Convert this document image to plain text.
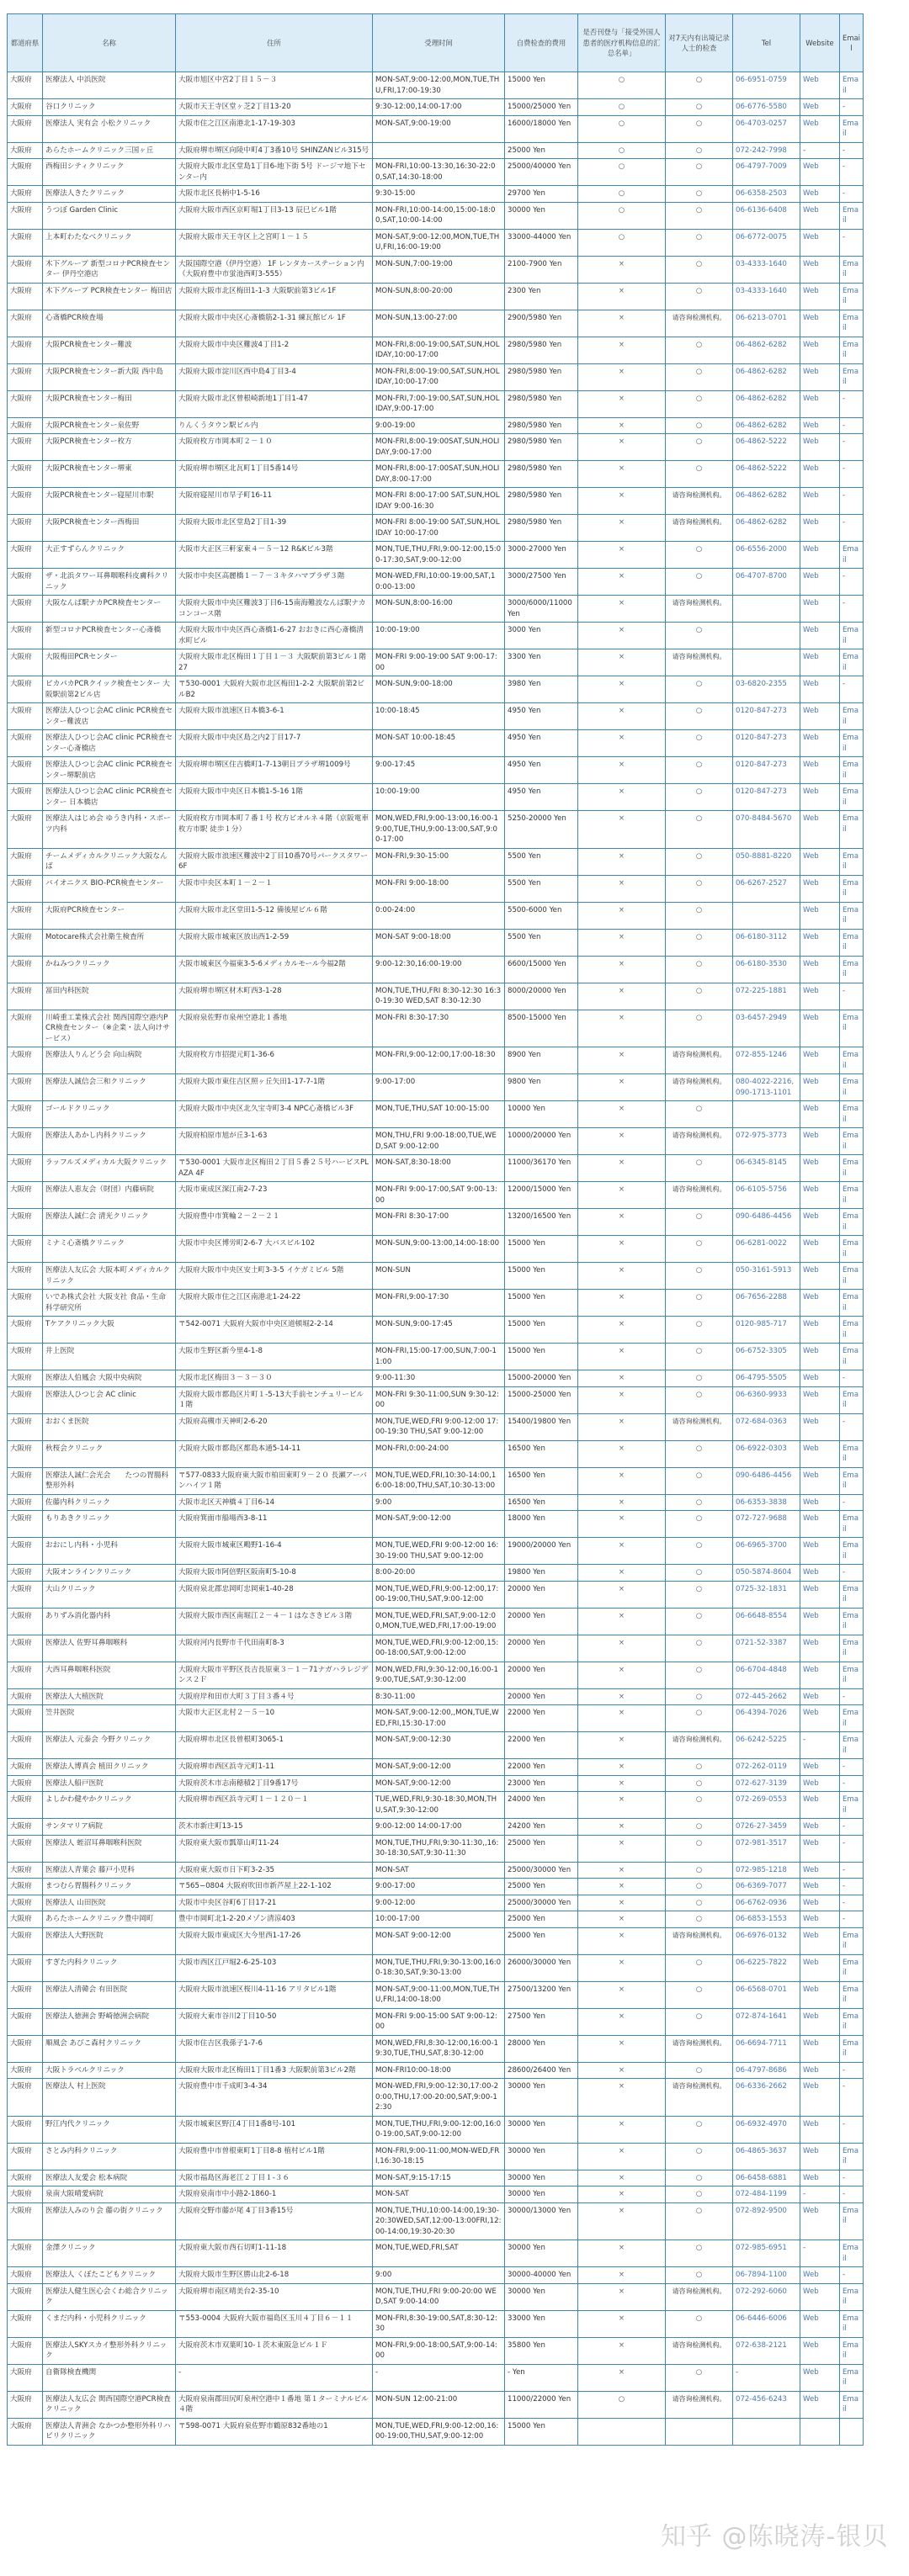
都道府県	名称	住所	受理时间	自费检查的费用	是否刊登与「接受外国人患者的医疗机构信息的汇总名单」	对7天内有出境记录人士的检查	Tel	Website	Email
大阪府	医療法人 中浜医院	大阪市旭区中宮2丁目１５－３	MON-SAT,9:00-12:00,MON,TUE,THU,FRI,17:00-19:30	15000 Yen	○	○	06-6951-0759	Web	Email
大阪府	谷口クリニック	大阪市天王寺区堂ヶ芝2丁目13-20	9:30-12:00,14:00-17:00	15000/25000 Yen	○	○	06-6776-5580	Web	-
大阪府	医療法人 実有会 小松クリニック	大阪市住之江区南港北1-17-19-303	MON-SAT,9:00-19:00	16000/18000 Yen	○	○	06-4703-0257	Web	Email
大阪府	あらたホームクリニック三国ヶ丘	大阪府堺市堺区向陵中町4丁3番10号 SHINZANビル315号		25000 Yen	○	○	072-242-7998	-	-
大阪府	西梅田シティクリニック	大阪府大阪市北区堂島1丁目6-地下街 5号 ドージマ地下センター内	MON-FRI,10:00-13:30,16:30-22:00,SAT,14:30-18:00	25000/40000 Yen	○	○	06-4797-7009	Web	-
大阪府	医療法人きたクリニック	大阪市北区長柄中1-5-16	9:30-15:00	29700 Yen	○	○	06-6358-2503	Web	-
大阪府	うつぼ Garden Clinic	大阪府大阪市西区京町堀1丁目3-13 辰巳ビル1階	MON-FRI,10:00-14:00,15:00-18:00,SAT,10:00-14:00	30000 Yen	○	○	06-6136-6408	Web	Email
大阪府	上本町わたなべクリニック	大阪府大阪市天王寺区上之宮町１－１５	MON-SAT,9:00-12:00,MON,TUE,THU,FRI,16:00-19:00	33000-44000 Yen	○	○	06-6772-0075	Web	-
大阪府	木下グループ 新型コロナPCR検査センター 伊丹空港店	大阪国際空港（伊丹空港） 1F レンタカーステーション内（大阪府豊中市蛍池西町3-555）	MON-SUN,7:00-19:00	2100-7900 Yen	×	○	03-4333-1640	Web	Email
大阪府	木下グループ PCR検査センター 梅田店	大阪府大阪市北区梅田1-1-3 大阪駅前第3ビル1F	MON-SUN,8:00-20:00	2300 Yen	×	○	03-4333-1640	Web	Email
大阪府	心斎橋PCR検査場	大阪府大阪市中央区心斎橋筋2-1-31 練瓦館ビル 1F	MON-SUN,13:00-27:00	2900/5980 Yen	×	请咨询检测机构。	06-6213-0701	Web	Email
大阪府	大阪PCR検査センター難波	大阪府大阪市中央区難波4丁目1-2	MON-FRI,8:00-19:00,SAT,SUN,HOLIDAY,10:00-17:00	2980/5980 Yen	×	○	06-4862-6282	Web	Email
大阪府	大阪PCR検査センター新大阪 西中島	大阪府大阪市淀川区西中島4丁目3-4	MON-FRI,8:00-19:00,SAT,SUN,HOLIDAY,10:00-17:00	2980/5980 Yen	×	○	06-4862-6282	Web	Email
大阪府	大阪PCR検査センター梅田	大阪府大阪市北区曾根崎新地1丁目1-47	MON-FRI,7:00-19:00,SAT,SUN,HOLIDAY,9:00-17:00	2980/5980 Yen	×	○	06-4862-6282	Web	-
大阪府	大阪PCR検査センター泉佐野	りんくうタウン駅ビル内	9:00-19:00	2980/5980 Yen	×	○	06-4862-6282	Web	-
大阪府	大阪PCR検査センター枚方	大阪府枚方市岡本町２－１０	MON-FRI,8:00-19:00SAT,SUN,HOLIDAY,9:00-17:00	2980/5980 Yen	×	○	06-4862-5222	Web	-
大阪府	大阪PCR検査センター堺東	大阪府堺市堺区北瓦町1丁目5番14号	MON-FRI,8:00-17:00SAT,SUN,HOLIDAY,8:00-17:00	2980/5980 Yen	×	○	06-4862-5222	Web	-
大阪府	大阪PCR検査センター寝屋川市駅	大阪府寝屋川市早子町16-11	MON-FRI 8:00-17:00 SAT,SUN,HOLIDAY 9:00-16:30	2980/5980 Yen	×	请咨询检测机构。	06-4862-6282	Web	-
大阪府	大阪PCR検査センター西梅田	大阪府大阪市北区堂島2丁目1-39	MON-FRI 8:00-19:00 SAT,SUN,HOLIDAY 10:00-17:00	2980/5980 Yen	×	请咨询检测机构。	06-4862-6282	Web	-
大阪府	大正すずらんクリニック	大阪市大正区三軒家東４－５－12 R&Kビル3階	MON,TUE,THU,FRI,9:00-12:00,15:00-17:30,SAT,9:00-12:00	3000-27000 Yen	×	○	06-6556-2000	Web	Email
大阪府	ザ・北浜タワー耳鼻咽喉科皮膚科クリニック	大阪市中央区高麗橋１－７－３キタハマプラザ３階	MON-WED,FRI,10:00-19:00,SAT,10:00-13:00	3000/27500 Yen	×	○	06-4707-8700	Web	-
大阪府	大阪なんば駅ナカPCR検査センター	大阪府大阪市中央区難波3丁目6-15南海難波なんば駅ナカコンコース階	MON-SUN,8:00-16:00	3000/6000/11000 Yen	×	请咨询检测机构。		Web	-
大阪府	新型コロナPCR検査センター心斎橋	大阪府大阪市中央区西心斎橋1-6-27 おおきに西心斎橋清水町ビル	10:00-19:00	3000 Yen	×	○		Web	Email
大阪府	大阪梅田PCRセンター	大阪府大阪市北区梅田１丁目１－３ 大阪駅前第3ビル１階 27	MON-FRI 9:00-19:00 SAT 9:00-17:00	3300 Yen	×	请咨询检测机构。		Web	Email
大阪府	ピカパカPCRクイック検査センター 大阪駅前第2ビル店	〒530-0001 大阪府大阪市北区梅田1-2-2 大阪駅前第2ビルB2	MON-SUN,9:00-18:00	3980 Yen	×	○	03-6820-2355	Web	-
大阪府	医療法人ひつじ会AC clinic PCR検査センター難波店	大阪府大阪市浪速区日本橋3-6-1	10:00-18:45	4950 Yen	×	○	0120-847-273	Web	Email
大阪府	医療法人ひつじ会AC clinic PCR検査センター心斎橋店	大阪府大阪市中央区島之内2丁目17-7	MON-SAT 10:00-18:45	4950 Yen	×	○	0120-847-273	Web	Email
大阪府	医療法人ひつじ会AC clinic PCR検査センター堺駅前店	大阪府堺市堺区住吉橋町1-7-13朝日プラザ堺1009号	9:00-17:45	4950 Yen	×	○	0120-847-273	Web	Email
大阪府	医療法人ひつじ会AC clinic PCR検査センター 日本橋店	大阪府大阪市中央区日本橋1-5-16 1階	10:00-19:00	4950 Yen	×	○	0120-847-273	Web	Email
大阪府	医療法人はじめ会 ゆうき内科・スポーツ内科	大阪府枚方市岡本町７番１号 枚方ビオルネ４階（京阪電車 枚方市駅 徒歩１分）	MON,WED,FRI,9:00-13:00,16:00-19:00,TUE,THU,9:00-13:00,SAT,9:00-17:00	5250-20000 Yen	×	○	070-8484-5670	Web	Email
大阪府	チームメディカルクリニック大阪なんば	大阪府大阪市浪速区難波中2丁目10番70号パークスタワー6F	MON-FRI,9:30-15:00	5500 Yen	×	○	050-8881-8220	Web	Email
大阪府	バイオニクス BIO-PCR検査センター	大阪市中央区本町１－２－１	MON-FRI 9:00-18:00	5500 Yen	×	○	06-6267-2527	Web	Email
大阪府	大阪府PCR検査センター	大阪府大阪市北区堂田1-5-12 備後屋ビル６階	0:00-24:00	5500-6000 Yen	×	○		Web	Email
大阪府	Motocare株式会社衛生検査所	大阪府大阪市城東区放出西1-2-59	MON-SAT 9:00-18:00	5500 Yen	×	○	06-6180-3112	Web	Email
大阪府	かねみつクリニック	大阪市城東区今福東3-5-6メディカルモール今福2階	9:00-12:30,16:00-19:00	6600/15000 Yen	×	○	06-6180-3530	Web	Email
大阪府	冨田内科医院	大阪府堺市堺区材木町西3-1-28	MON,TUE,THU,FRI 8:30-12:30 16:30-19:30 WED,SAT 8:30-12:30	8000/20000 Yen	×	○	072-225-1881	Web	-
大阪府	川崎重工業株式会社 関西国際空港内PCR検査センター（※企業・法人向けサービス）	大阪府泉佐野市泉州空港北１番地	MON-FRI 8:30-17:30	8500-15000 Yen	×	○	03-6457-2949	Web	Email
大阪府	医療法人りんどう会 向山病院	大阪府枚方市招提元町1-36-6	MON-FRI,9:00-12:00,17:00-18:30	8900 Yen	×	请咨询检测机构。	072-855-1246	Web	Email
大阪府	医療法人誠信会三和クリニック	大阪府大阪市東住吉区照ヶ丘矢田1-17-7-1階	9:00-17:00	9800 Yen	×	请咨询检测机构。	080-4022-2216,090-1713-1101	Web	Email
大阪府	ゴールドクリニック	大阪府大阪市中央区北久宝寺町3-4 NPC心斎橋ビル3F	MON,TUE,THU,SAT 10:00-15:00	10000 Yen	×	○		Web	Email
大阪府	医療法人あかし内科クリニック	大阪府柏原市旭が丘3-1-63	MON,THU,FRI 9:00-18:00,TUE,WED,SAT 9:00-12:00	10000/20000 Yen	×	请咨询检测机构。	072-975-3773	Web	Email
大阪府	ラッフルズメディカル大阪クリニック	〒530-0001 大阪市北区梅田２丁目５番２５号ハービスPLAZA 4F	MON-SAT,8:30-18:00	11000/36170 Yen	×	○	06-6345-8145	Web	Email
大阪府	医療法人恵友会（財団）内藤病院	大阪市東成区深江南2-7-23	MON-FRI 9:00-17:00,SAT 9:00-13:00	12000/15000 Yen	×	请咨询检测机构。	06-6105-5756	Web	Email
大阪府	医療法人誠仁会 清光クリニック	大阪府豊中市箕輪２－２－２１	MON-FRI 8:30-17:00	13200/16500 Yen	×	○	090-6486-4456	Web	Email
大阪府	ミナミ心斎橋クリニック	大阪市中央区博労町2-6-7 大バスビル102	MON-SUN,9:00-13:00,14:00-18:00	15000 Yen	×	○	06-6281-0022	Web	Email
大阪府	医療法人友広会 大阪本町メディカルクリニック	大阪府大阪市中央区安土町3-3-5 イケガミビル 5階	MON-SUN	15000 Yen	×	○	050-3161-5913	Web	Email
大阪府	いであ株式会社 大阪支社 食品・生命科学研究所	大阪府大阪市住之江区南港北1-24-22	MON-FRI,9:00-17:30	15000 Yen	×	○	06-7656-2288	Web	Email
大阪府	Tケアクリニック大阪	〒542-0071 大阪府大阪市中央区道頓堀2-2-14	MON-SUN,9:00-17:45	15000 Yen	×	○	0120-985-717	Web	Email
大阪府	井上医院	大阪市生野区新今里4-1-8	MON-FRI,15:00-17:00,SUN,7:00-11:00	15000 Yen	×	○	06-6752-3305	Web	Email
大阪府	医療法人伯鳳会 大阪中央病院	大阪市北区梅田３－３－３０	9:00-11:30	15000-20000 Yen	×	○	06-4795-5505	Web	-
大阪府	医療法人ひつじ会 AC clinic	大阪府大阪市都島区片町１-5-13大手前センチュリービル１階	MON-FRI 9:30-11:00,SUN 9:30-12:00	15000-25000 Yen	×	○	06-6360-9933	Web	Email
大阪府	おおくま医院	大阪府高槻市天神町2-6-20	MON,TUE,WED,FRI 9:00-12:00 17:00-19:30 THU,SAT 9:00-12:00	15400/19800 Yen	×	请咨询检测机构。	072-684-0363	Web	-
大阪府	秋桜会クリニック	大阪府大阪市都島区都島本通5-14-11	MON-FRI,0:00-24:00	16500 Yen	×	○	06-6922-0303	Web	Email
大阪府	医療法人誠仁会光会　　たつの胃腸科整形外科	〒577-0833大阪府東大阪市柏田東町９－２０ 長瀬アーバンハイツ１階	MON,TUE,WED,FRI,10:30-14:00,16:00-18:00,THU,SAT,10:30-13:00	16500 Yen	×	○	090-6486-4456	Web	Email
大阪府	佐藤内科クリニック	大阪市北区天神橋４丁目6-14	9:00	16500 Yen	×	○	06-6353-3838	Web	-
大阪府	もりあきクリニック	大阪府箕面市船場西3-8-11	MON-SAT,9:00-12:00	18000 Yen	×	○	072-727-9688	Web	Email
大阪府	おおにし内科・小児科	大阪府大阪市城東区鴫野1-16-4	MON,TUE,WED,FRI 9:00-12:00 16:30-19:00 THU,SAT 9:00-12:00	19000/20000 Yen	×	○	06-6965-3700	Web	Email
大阪府	大阪オンラインクリニック	大阪府大阪市阿倍野区阪南町5-10-8	8:00-20:00	19800 Yen	×	○	050-5874-8604	Web	-
大阪府	大山クリニック	大阪府泉北郡忠岡町忠岡東1-40-28	MON,TUE,WED,FRI,9:00-12:00,17:00-19:00,THU,SAT,9:00-12:00	20000 Yen	×	○	0725-32-1831	Web	Email
大阪府	ありずみ消化器内科	大阪府大阪市西区南堀江２－４－１はなさきビル３階	MON,TUE,WED,FRI,SAT,9:00-12:00,MON,TUE,WED,FRI,17:00-19:00	20000 Yen	×	○	06-6648-8554	Web	Email
大阪府	医療法人 佐野耳鼻咽喉科	大阪府河内長野市千代田南町8-3	MON,TUE,WED,FRI,9:00-12:00,15:00-18:00,SAT,9:00-12:00	20000 Yen	×	○	0721-52-3387	Web	Email
大阪府	大西耳鼻咽喉科医院	大阪府大阪市平野区長吉長原東３－１－71ナガハラレジデンス２Ｆ	MON,WED,FRI,9:30-12:00,16:00-19:00,TUE,SAT,9:30-12:00	20000 Yen	×	○	06-6704-4848	Web	Email
大阪府	医療法人大植医院	大阪府岸和田市大町３丁目３番４号	8:30-11:00	20000 Yen	×	○	072-445-2662	Web	-
大阪府	笠井医院	大阪市大正区北村２－５－10	MON-SAT,9:00-12:00,,MON,TUE,WED,FRI,15:30-17:00	22000 Yen	×	○	06-4394-7026	Web	Email
大阪府	医療法人 元泰会 今野クリニック	大阪府堺市北区長曽根町3065-1	MON-SAT,9:00-12:30	22000 Yen	×	请咨询检测机构。	06-6242-5225	-	Email
大阪府	医療法人博真会 植田クリニック	大阪府堺市西区浜寺元町1-11	MON-SAT,9:00-12:00	22000 Yen	×	○	072-262-0119	Web	-
大阪府	医療法人船戸医院	大阪府茨木市志南穂積2丁目9番17号	MON-SAT,9:00-12:00	23000 Yen	×	○	072-627-3139	Web	-
大阪府	よしかわ健やかクリニック	大阪府堺市西区浜寺元町１－１２０－１	TUE,WED,FRI,9:30-18:30,MON,THU,SAT,9:30-12:00	24000 Yen	×	○	072-269-0553	Web	Email
大阪府	サンタマリア病院	茨木市新庄町13-15	9:00-12:00 14:00-17:00	24200 Yen	×	○	0726-27-3459	Web	-
大阪府	医療法人 蛭沼耳鼻咽喉科医院	大阪府東大阪市瓢箪山町11-24	MON,TUE,THU,FRI,9:30-11:30,,16:30-18:30,SAT,9:30-11:30	25000 Yen	×	○	072-981-3517	Web	-
大阪府	医療法人青葉会 藤戸小児科	大阪府東大阪市日下町3-2-35	MON-SAT	25000/30000 Yen	×	○	072-985-1218	Web	-
大阪府	まつむら胃腸科クリニック	〒565−0804 大阪府吹田市新芦屋上22-1-102	9:00-17:00	25000 Yen	×	○	06-6369-7077	Web	-
大阪府	医療法人 山田医院	大阪市中央区谷町6丁目17-21	9:00-12:00	25000/30000 Yen	×	○	06-6762-0936	Web	-
大阪府	あらたホームクリニック豊中岡町	豊中市岡町北1-2-20メゾン清涼403	10:00-17:00	25000 Yen	×	○	06-6853-1553	Web	-
大阪府	医療法人大野医院	大阪府大阪市東成区大今里西1-17-26	MON-SAT 9:00-12:00	25000 Yen	×	请咨询检测机构。	06-6976-0132	Web	Email
大阪府	すぎた内科クリニック	大阪市西区江戸堀2-6-25-103	MON,TUE,THU,FRI,9:30-13:00,16:00-18:30,SAT,9:30-13:00	26000/30000 Yen	×	○	06-6225-7822	Web	Email
大阪府	医療法人清韓会 有田医院	大阪府大阪市浪速区桜川4-11-16 アリタビル1階	MON-SAT,9:00-11:00,MON,TUE,THU,FRI,14:00-18:00	27500/13200 Yen	×	○	06-6568-0701	Web	Email
大阪府	医療法人徳洲会 野崎徳洲会病院	大阪府大東市谷川2丁目10-50	MON-FRI 9:00-15:00 SAT 9:00-12:00	27500 Yen	×	○	072-874-1641	Web	Email
大阪府	順風会 あびこ森村クリニック	大阪市住吉区我孫子1-7-6	MON,WED,FRI,8:30-12:00,16:00-19:30,TUE,THU,SAT,8:30-12:00	28000 Yen	×	请咨询检测机构。	06-6694-7711	Web	Email
大阪府	大阪トラベルクリニック	大阪府大阪市北区梅田1丁目1番3 大阪駅前第3ビル2階	MON-FRI10:00-18:00	28600/26400 Yen	×	○	06-4797-8686	Web	-
大阪府	医療法人 村上医院	大阪府豊中市千成町3-4-34	MON-WED,FRI,9:00-12:30,17:00-20:00,THU,17:00-20:00,SAT,9:00-12:30	30000 Yen	×	请咨询检测机构。	06-6336-2662	Web	-
大阪府	野江内代クリニック	大阪市城東区野江4丁目1番8号-101	MON,TUE,THU,FRI,9:00-12:00,16:00-19:00,SAT,9:00-12:00	30000 Yen	×	○	06-6932-4970	Web	-
大阪府	さとみ内科クリニック	大阪府豊中市曽根東町1丁目8-8 植村ビル1階	MON-FRI,9:00-11:00,MON-WED,FRI,16:30-18:15	30000 Yen	×	○	06-4865-3637	Web	Email
大阪府	医療法人友愛会 松本病院	大阪市福島区海老江２丁目１-３６	MON-SAT,9:15-17:15	30000 Yen	×	○	06-6458-6881	Web	-
大阪府	泉南大阪晴愛病院	大阪府泉南市中小路2-1860-1	MON-SAT	30000 Yen	×	○	072-484-1199	-	-
大阪府	医療法人みのり会 藤の街クリニック	大阪府交野市藤が尾 4丁目3番15号	MON,TUE,THU,10:00-14:00,19:30-20:30WED,SAT,12:00-13:00FRI,12:00-14:00,19:30-20:30	30000/13000 Yen	×	○	072-892-9500	Web	Email
大阪府	金澤クリニック	大阪府東大阪市西石切町1-11-18	MON,TUE,WED,FRI,SAT	30000 Yen	×	○	072-985-6951	-	Email
大阪府	医療法人 くぼたこどもクリニック	大阪府大阪市生野区勝山北2-6-18	9:00	30000-40000 Yen	×	○	06-7894-1100	Web	-
大阪府	医療法人健生医心会くわ総合クリニック	大阪府堺市南区晴美台2-35-10	MON,TUE,THU,FRI 9:00-20:00 WED,SAT 9:00-14:00	30000 Yen	×	请咨询检测机构。	072-292-6060	Web	Email
大阪府	くまだ内科・小児科クリニック	〒553-0004 大阪府大阪市福島区玉川４丁目６－１１	MON-FRI,8:30-19:00,SAT,8:30-12:30	33000 Yen	×	○	06-6446-6006	Web	Email
大阪府	医療法人SKYスカイ整形外科クリニック	大阪府茨木市双葉町10-１茨木東阪急ビル１Ｆ	MON-FRI,9:00-18:00,SAT,9:00-14:00	35800 Yen	×	请咨询检测机构。	072-638-2121	Web	Email
大阪府	自衛隊検査機関	-	-	- Yen	×	○	-	Web	Email
大阪府	医療法人友広会 関西国際空港PCR検査クリニック	大阪府泉南郡田尻町泉州空港中１番地 第１ターミナルビル４階	MON-SUN 12:00-21:00	11000/22000 Yen	○	请咨询检测机构。	072-456-6243	Web	Email
大阪府	医療法人青洲会 なかつか整形外科リハビリクリニック	〒598-0071 大阪府泉佐野市鶴原832番地の1	MON,TUE,WED,FRI,9:00-12:00,16:00-19:00,THU,SAT,9:00-12:00	15000 Yen					
知乎 @陈晓涛-银贝
